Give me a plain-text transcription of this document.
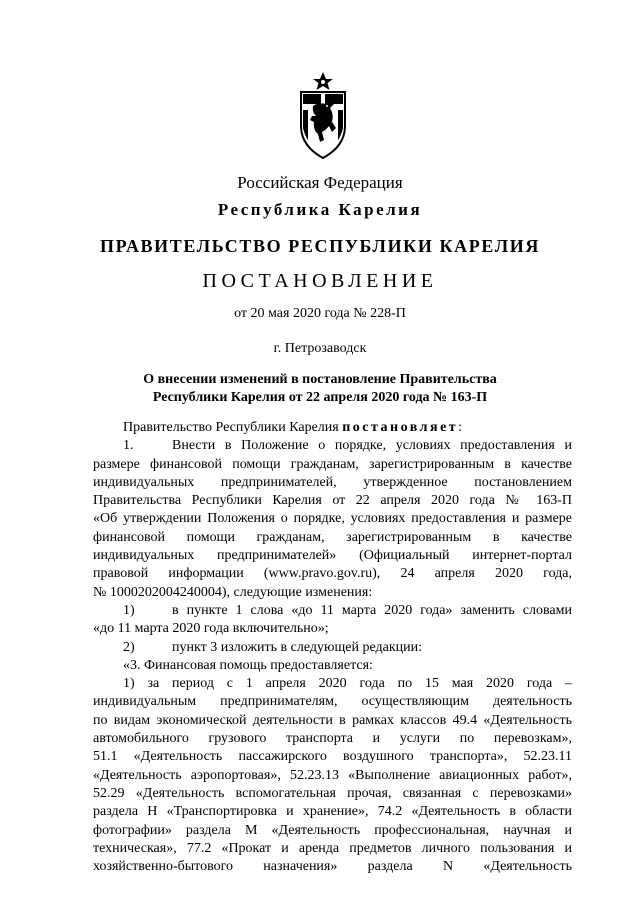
Российская Федерация
Республика Карелия
ПРАВИТЕЛЬСТВО РЕСПУБЛИКИ КАРЕЛИЯ
ПОСТАНОВЛЕНИЕ
от 20 мая 2020 года № 228-П
г. Петрозаводск
О внесении изменений в постановление Правительства
Республики Карелия от 22 апреля 2020 года № 163-П
Правительство Республики Карелия постановляет:
1.	Внести в Положение о порядке, условиях предоставления и
размере финансовой помощи гражданам, зарегистрированным в качестве
индивидуальных предпринимателей, утвержденное постановлением
Правительства Республики Карелия от 22 апреля 2020 года № 163-П
«Об утверждении Положения о порядке, условиях предоставления и размере
финансовой помощи гражданам, зарегистрированным в качестве
индивидуальных предпринимателей» (Официальный интернет-портал
правовой информации (www.pravo.gov.ru), 24 апреля 2020 года,
№ 1000202004240004), следующие изменения:
1)	в пункте 1 слова «до 11 марта 2020 года» заменить словами
«до 11 марта 2020 года включительно»;
2)	пункт 3 изложить в следующей редакции:
«3. Финансовая помощь предоставляется:
1) за период с 1 апреля 2020 года по 15 мая 2020 года –
индивидуальным предпринимателям, осуществляющим деятельность
по видам экономической деятельности в рамках классов 49.4 «Деятельность
автомобильного грузового транспорта и услуги по перевозкам»,
51.1 «Деятельность пассажирского воздушного транспорта», 52.23.11
«Деятельность аэропортовая», 52.23.13 «Выполнение авиационных работ»,
52.29 «Деятельность вспомогательная прочая, связанная с перевозками»
раздела H «Транспортировка и хранение», 74.2 «Деятельность в области
фотографии» раздела M «Деятельность профессиональная, научная и
техническая», 77.2 «Прокат и аренда предметов личного пользования и
хозяйственно-бытового назначения» раздела N «Деятельность
